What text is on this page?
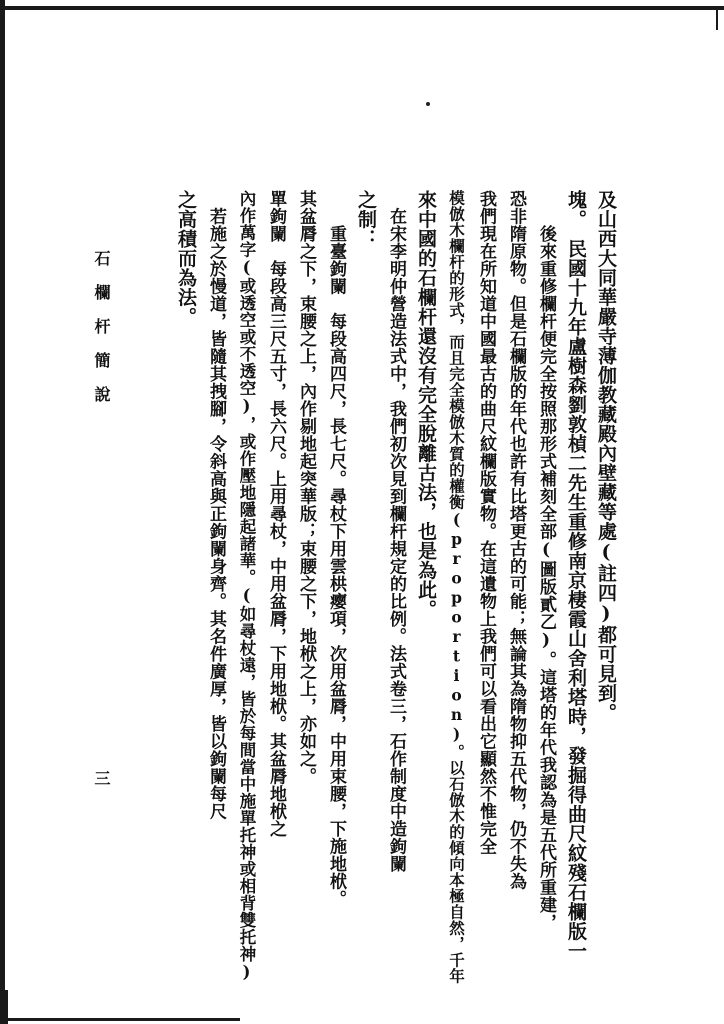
及山西大同華嚴寺薄伽教藏殿內壁藏等處(註四)都可見到。
塊。　民國十九年盧樹森劉敦楨二先生重修南京棲霞山舍利塔時，發掘得曲尺紋殘石欄版一
　　後來重修欄杆便完全按照那形式補刻全部(圖版貳乙)。這塔的年代我認為是五代所重建，
恐非隋原物。但是石欄版的年代也許有比塔更古的可能；無論其為隋物抑五代物，仍不失為
我們現在所知道中國最古的曲尺紋欄版實物。在這遺物上我們可以看出它顯然不惟完全
模倣木欄杆的形式，而且完全模倣木質的權衡(proportion)。以石倣木的傾向本極自然，千年
來中國的石欄杆還沒有完全脫離古法，也是為此。
　在宋李明仲營造法式中，我們初次見到欄杆規定的比例。法式卷三，石作制度中造鉤闌
之制：
　　重臺鉤闌　每段高四尺，長七尺。尋杖下用雲栱瘿項，次用盆脣，中用束腰，下施地栿。
其盆脣之下，束腰之上，內作剔地起突華版；束腰之下，地栿之上，亦如之。
單鉤闌　每段高三尺五寸，長六尺。上用尋杖，中用盆脣，下用地栿。其盆脣地栿之
內作萬字(或透空或不透空)，或作壓地隱起諸華。(如尋杖遠，皆於每間當中施單托神或相背雙托神)
　若施之於慢道，皆隨其拽腳，令斜高與正鉤闌身齊。其名件廣厚，皆以鉤闌每尺
之高積而為法。
石欄杆簡說
三
